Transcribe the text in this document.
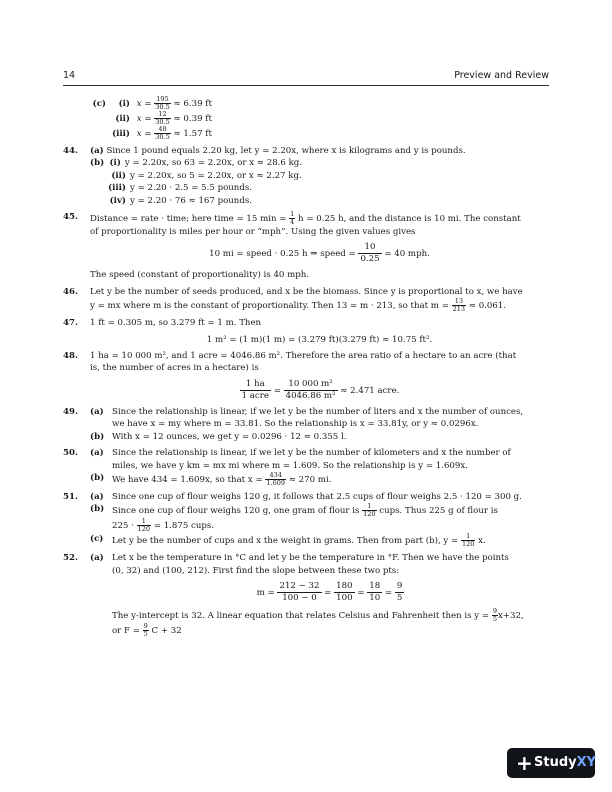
14	Preview and Review
(c) (i) $x = \frac{195}{30.5} \approx 6.39$ ft
(ii) $x = \frac{12}{30.5} \approx 0.39$ ft
(iii) $x = \frac{48}{30.5} \approx 1.57$ ft
44. (a) Since 1 pound equals 2.20 kg, let y = 2.20x, where x is kilograms and y is pounds.
(b) (i) y = 2.20x, so 63 = 2.20x, or x ≈ 28.6 kg.
(ii) y = 2.20x, so 5 = 2.20x, or x ≈ 2.27 kg.
(iii) y = 2.20 · 2.5 = 5.5 pounds.
(iv) y = 2.20 · 76 ≈ 167 pounds.
45. Distance = rate · time; here time = 15 $\min = \frac{1}{4}$ h = 0.25 h, and the distance is 10 mi. The constant
of proportionality is miles per hour or “mph”. Using the given values gives
10 mi = speed · 0.25 h ⇒ speed = $\frac{10}{0.25} = 40$ mph.
The speed (constant of proportionality) is 40 mph.
46. Let y be the number of seeds produced, and x be the biomass. Since y is proportional to x, we have
y = mx where m is the constant of proportionality. Then 13 = m · 213, so that $m = \frac{13}{213} \approx 0.061$.
47. 1 ft = 0.305 m, so 3.279 ft = 1 m. Then
1 m² = (1 m)(1 m) = (3.279 ft)(3.279 ft) ≈ 10.75 ft².
48. 1 ha = 10 000 m², and 1 acre = 4046.86 m². Therefore the area ratio of a hectare to an acre (that
is, the number of acres in a hectare) is
1 ha
1 acre = $\frac{\text{10 000 m²}}{\text{4046.86 m²}} \approx 2.471$ acre.
49. (a) Since the relationship is linear, if we let y be the number of liters and x the number of ounces,
we have x = my where m = 33.81. So the relationship is x = 33.81y, or y ≈ 0.0296x.
(b) With x = 12 ounces, we get y = 0.0296 · 12 ≈ 0.355 l.
50. (a) Since the relationship is linear, if we let y be the number of kilometers and x the number of
miles, we have y km = mx mi where m = 1.609. So the relationship is y = 1.609x.
(b) We have 434 = 1.609x, so that $x = \frac{434}{1.609} \approx 270$ mi.
51. (a) Since one cup of flour weighs 120 g, it follows that 2.5 cups of flour weighs 2.5 · 120 = 300 g.
(b) Since one cup of flour weighs 120 g, one gram of flour is $\frac{1}{120}$ cups. Thus 225 g of flour is
$225 \cdot \frac{1}{120} = 1.875$ cups.
(c) Let y be the number of cups and x the weight in grams. Then from part (b), $y = \frac{1}{120} x$.
52. (a) Let x be the temperature in °C and let y be the temperature in °F. Then we have the points
(0, 32) and (100, 212). First find the slope between these two pts:
$m = \frac{212 - 32}{100 - 0} = \frac{180}{100} = \frac{18}{10} = \frac{9}{5}$
The y-intercept is 32. A linear equation that relates Celsius and Fahrenheit then is $y = \frac{9}{5} x+32$,
or $F = \frac{9}{5}$ C + 32
+ StudyXY
